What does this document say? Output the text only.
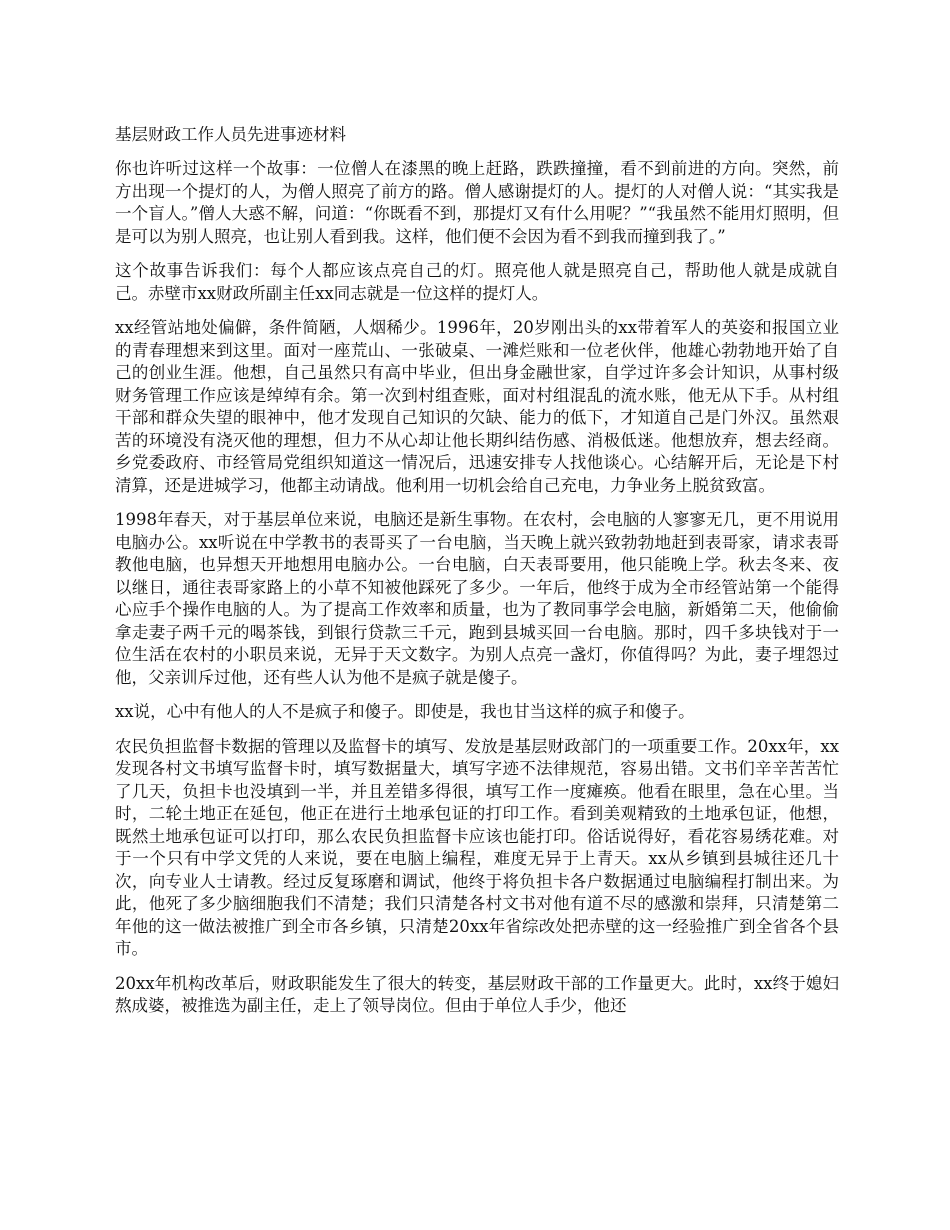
基层财政工作人员先进事迹材料

你也许听过这样一个故事：一位僧人在漆黑的晚上赶路，跌跌撞撞，看不到前进的方向。突然，前方出现一个提灯的人，为僧人照亮了前方的路。僧人感谢提灯的人。提灯的人对僧人说：“其实我是一个盲人。”僧人大惑不解，问道：“你既看不到，那提灯又有什么用呢？”“我虽然不能用灯照明，但是可以为别人照亮，也让别人看到我。这样，他们便不会因为看不到我而撞到我了。”

这个故事告诉我们：每个人都应该点亮自己的灯。照亮他人就是照亮自己，帮助他人就是成就自己。赤壁市xx财政所副主任xx同志就是一位这样的提灯人。

xx经管站地处偏僻，条件简陋，人烟稀少。1996年，20岁刚出头的xx带着军人的英姿和报国立业的青春理想来到这里。面对一座荒山、一张破桌、一滩烂账和一位老伙伴，他雄心勃勃地开始了自己的创业生涯。他想，自己虽然只有高中毕业，但出身金融世家，自学过许多会计知识，从事村级财务管理工作应该是绰绰有余。第一次到村组查账，面对村组混乱的流水账，他无从下手。从村组干部和群众失望的眼神中，他才发现自己知识的欠缺、能力的低下，才知道自己是门外汉。虽然艰苦的环境没有浇灭他的理想，但力不从心却让他长期纠结伤感、消极低迷。他想放弃，想去经商。乡党委政府、市经管局党组织知道这一情况后，迅速安排专人找他谈心。心结解开后，无论是下村清算，还是进城学习，他都主动请战。他利用一切机会给自己充电，力争业务上脱贫致富。

1998年春天，对于基层单位来说，电脑还是新生事物。在农村，会电脑的人寥寥无几，更不用说用电脑办公。xx听说在中学教书的表哥买了一台电脑，当天晚上就兴致勃勃地赶到表哥家，请求表哥教他电脑，也异想天开地想用电脑办公。一台电脑，白天表哥要用，他只能晚上学。秋去冬来、夜以继日，通往表哥家路上的小草不知被他踩死了多少。一年后，他终于成为全市经管站第一个能得心应手个操作电脑的人。为了提高工作效率和质量，也为了教同事学会电脑，新婚第二天，他偷偷拿走妻子两千元的喝茶钱，到银行贷款三千元，跑到县城买回一台电脑。那时，四千多块钱对于一位生活在农村的小职员来说，无异于天文数字。为别人点亮一盏灯，你值得吗？为此，妻子埋怨过他，父亲训斥过他，还有些人认为他不是疯子就是傻子。

xx说，心中有他人的人不是疯子和傻子。即使是，我也甘当这样的疯子和傻子。

农民负担监督卡数据的管理以及监督卡的填写、发放是基层财政部门的一项重要工作。20xx年，xx发现各村文书填写监督卡时，填写数据量大，填写字迹不法律规范，容易出错。文书们辛辛苦苦忙了几天，负担卡也没填到一半，并且差错多得很，填写工作一度瘫痪。他看在眼里，急在心里。当时，二轮土地正在延包，他正在进行土地承包证的打印工作。看到美观精致的土地承包证，他想，既然土地承包证可以打印，那么农民负担监督卡应该也能打印。俗话说得好，看花容易绣花难。对于一个只有中学文凭的人来说，要在电脑上编程，难度无异于上青天。xx从乡镇到县城往还几十次，向专业人士请教。经过反复琢磨和调试，他终于将负担卡各户数据通过电脑编程打制出来。为此，他死了多少脑细胞我们不清楚；我们只清楚各村文书对他有道不尽的感激和崇拜，只清楚第二年他的这一做法被推广到全市各乡镇，只清楚20xx年省综改处把赤壁的这一经验推广到全省各个县市。

20xx年机构改革后，财政职能发生了很大的转变，基层财政干部的工作量更大。此时，xx终于媳妇熬成婆，被推选为副主任，走上了领导岗位。但由于单位人手少，他还
